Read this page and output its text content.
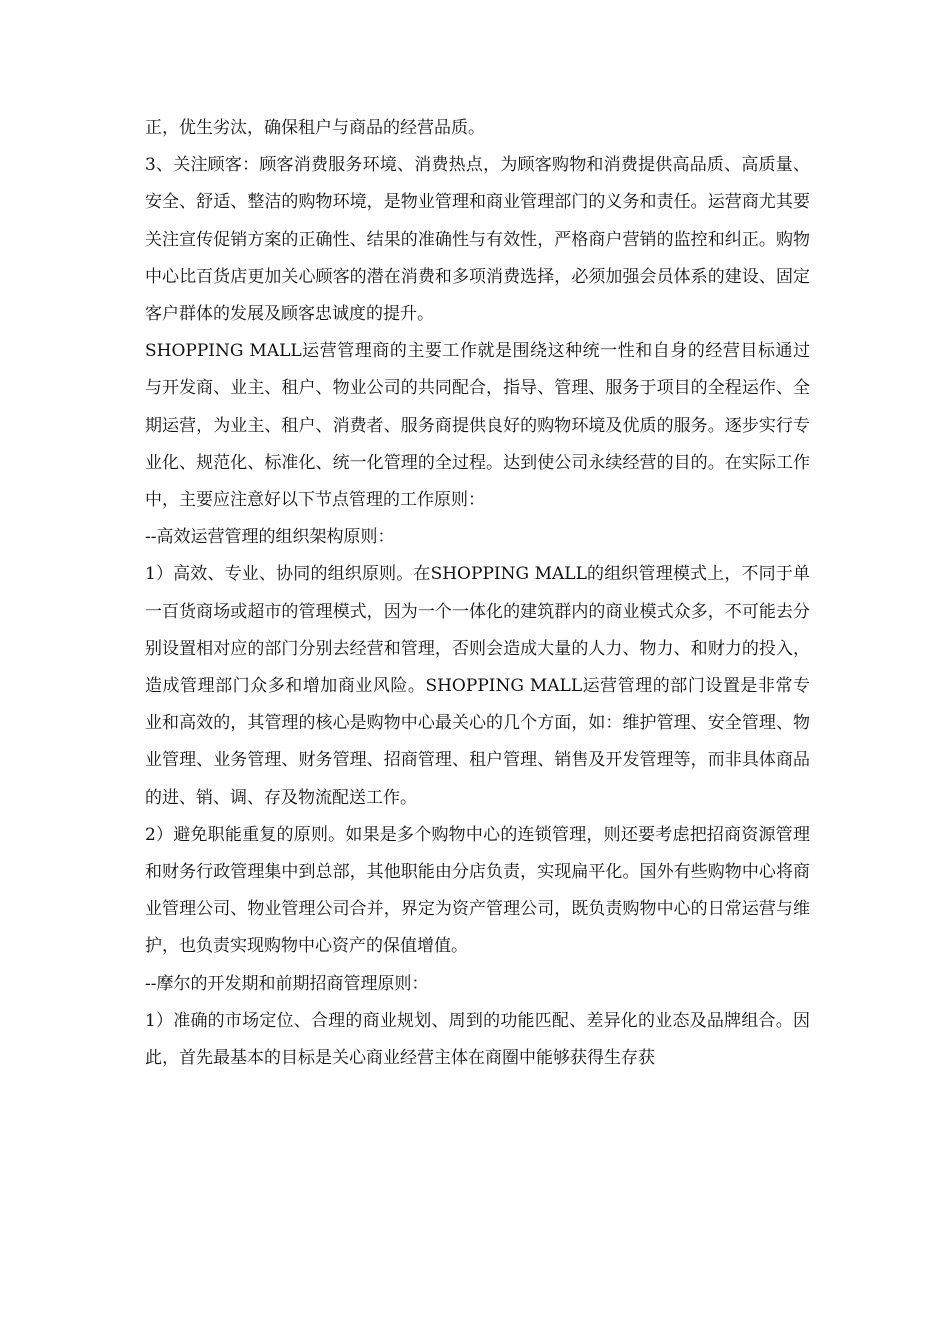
正，优生劣汰，确保租户与商品的经营品质。

3、关注顾客：顾客消费服务环境、消费热点，为顾客购物和消费提供高品质、高质量、安全、舒适、整洁的购物环境，是物业管理和商业管理部门的义务和责任。运营商尤其要关注宣传促销方案的正确性、结果的准确性与有效性，严格商户营销的监控和纠正。购物中心比百货店更加关心顾客的潜在消费和多项消费选择，必须加强会员体系的建设、固定客户群体的发展及顾客忠诚度的提升。

SHOPPING MALL运营管理商的主要工作就是围绕这种统一性和自身的经营目标通过与开发商、业主、租户、物业公司的共同配合，指导、管理、服务于项目的全程运作、全期运营，为业主、租户、消费者、服务商提供良好的购物环境及优质的服务。逐步实行专业化、规范化、标准化、统一化管理的全过程。达到使公司永续经营的目的。在实际工作中，主要应注意好以下节点管理的工作原则：

--高效运营管理的组织架构原则：

1）高效、专业、协同的组织原则。在SHOPPING MALL的组织管理模式上，不同于单一百货商场或超市的管理模式，因为一个一体化的建筑群内的商业模式众多，不可能去分别设置相对应的部门分别去经营和管理，否则会造成大量的人力、物力、和财力的投入，造成管理部门众多和增加商业风险。SHOPPING MALL运营管理的部门设置是非常专业和高效的，其管理的核心是购物中心最关心的几个方面，如：维护管理、安全管理、物业管理、业务管理、财务管理、招商管理、租户管理、销售及开发管理等，而非具体商品的进、销、调、存及物流配送工作。

2）避免职能重复的原则。如果是多个购物中心的连锁管理，则还要考虑把招商资源管理和财务行政管理集中到总部，其他职能由分店负责，实现扁平化。国外有些购物中心将商业管理公司、物业管理公司合并，界定为资产管理公司，既负责购物中心的日常运营与维护，也负责实现购物中心资产的保值增值。

--摩尔的开发期和前期招商管理原则：

1）准确的市场定位、合理的商业规划、周到的功能匹配、差异化的业态及品牌组合。因此，首先最基本的目标是关心商业经营主体在商圈中能够获得生存获
